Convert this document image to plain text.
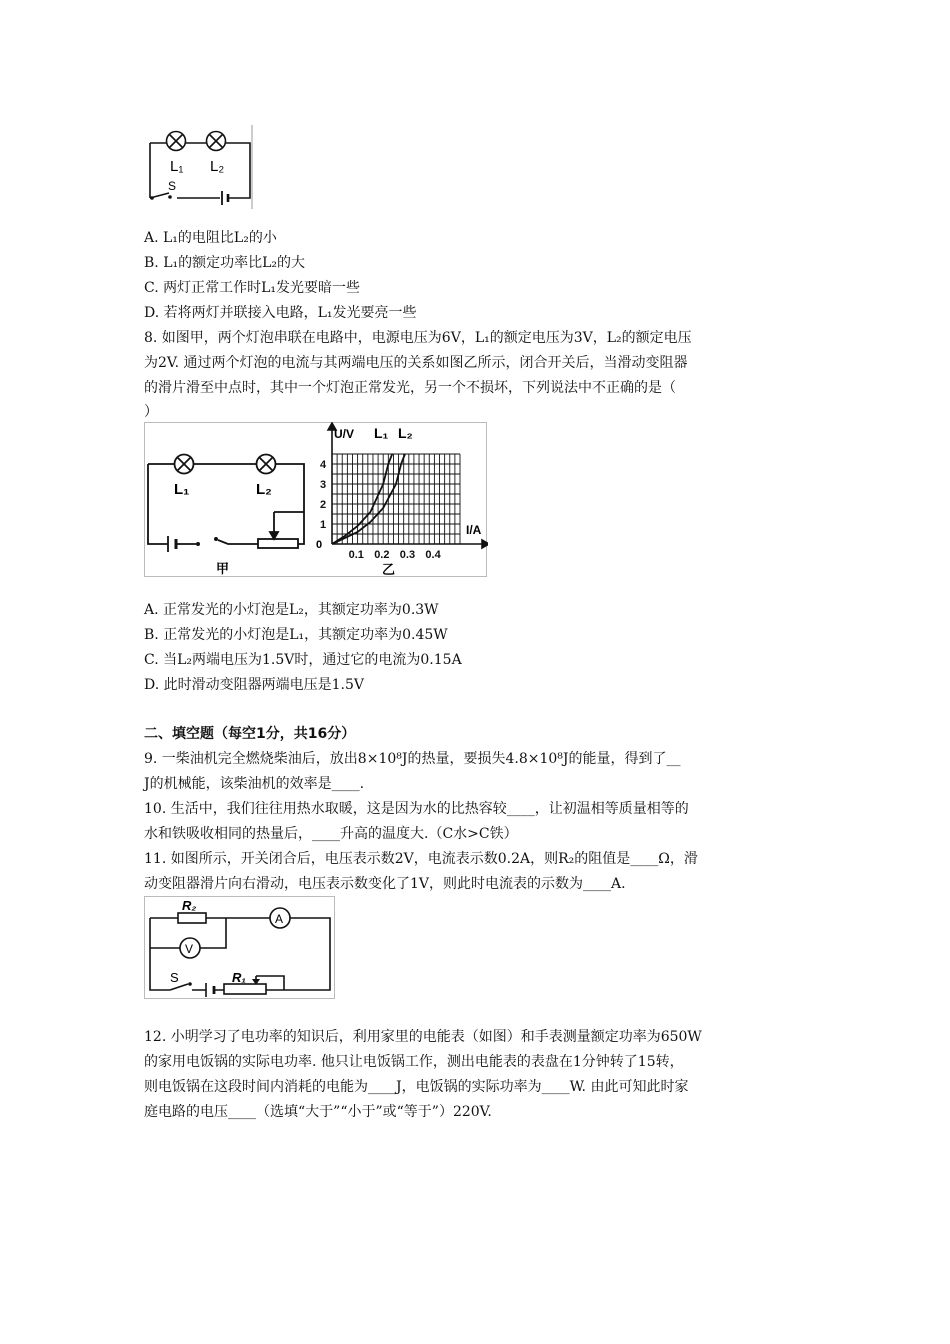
L₁ L₂
S
A. L₁的电阻比L₂的小
B. L₁的额定功率比L₂的大
C. 两灯正常工作时L₁发光要暗一些
D. 若将两灯并联接入电路，L₁发光要亮一些
8. 如图甲，两个灯泡串联在电路中，电源电压为6V，L₁的额定电压为3V，L₂的额定电压
为2V. 通过两个灯泡的电流与其两端电压的关系如图乙所示，闭合开关后，当滑动变阻器
的滑片滑至中点时，其中一个灯泡正常发光，另一个不损坏，下列说法中不正确的是（
）
L₁	L₂
甲
0.1 0.2 0.3 0.4
1
2
3
4
U/V
I/A
0
L₁ L₂
乙
A. 正常发光的小灯泡是L₂，其额定功率为0.3W
B. 正常发光的小灯泡是L₁，其额定功率为0.45W
C. 当L₂两端电压为1.5V时，通过它的电流为0.15A
D. 此时滑动变阻器两端电压是1.5V
二、填空题（每空1分，共16分）
9. 一柴油机完全燃烧柴油后，放出8×10⁸J的热量，要损失4.8×10⁸J的能量，得到了__
J的机械能，该柴油机的效率是____.
10. 生活中，我们往往用热水取暖，这是因为水的比热容较____，让初温相等质量相等的
水和铁吸收相同的热量后，____升高的温度大.（C水>C铁）
11. 如图所示，开关闭合后，电压表示数2V，电流表示数0.2A，则R₂的阻值是____Ω，滑
动变阻器滑片向右滑动，电压表示数变化了1V，则此时电流表的示数为____A.
R₂
A
V
S	R₁
12. 小明学习了电功率的知识后，利用家里的电能表（如图）和手表测量额定功率为650W
的家用电饭锅的实际电功率. 他只让电饭锅工作，测出电能表的表盘在1分钟转了15转，
则电饭锅在这段时间内消耗的电能为____J，电饭锅的实际功率为____W. 由此可知此时家
庭电路的电压____（选填“大于”“小于”或“等于”）220V.
